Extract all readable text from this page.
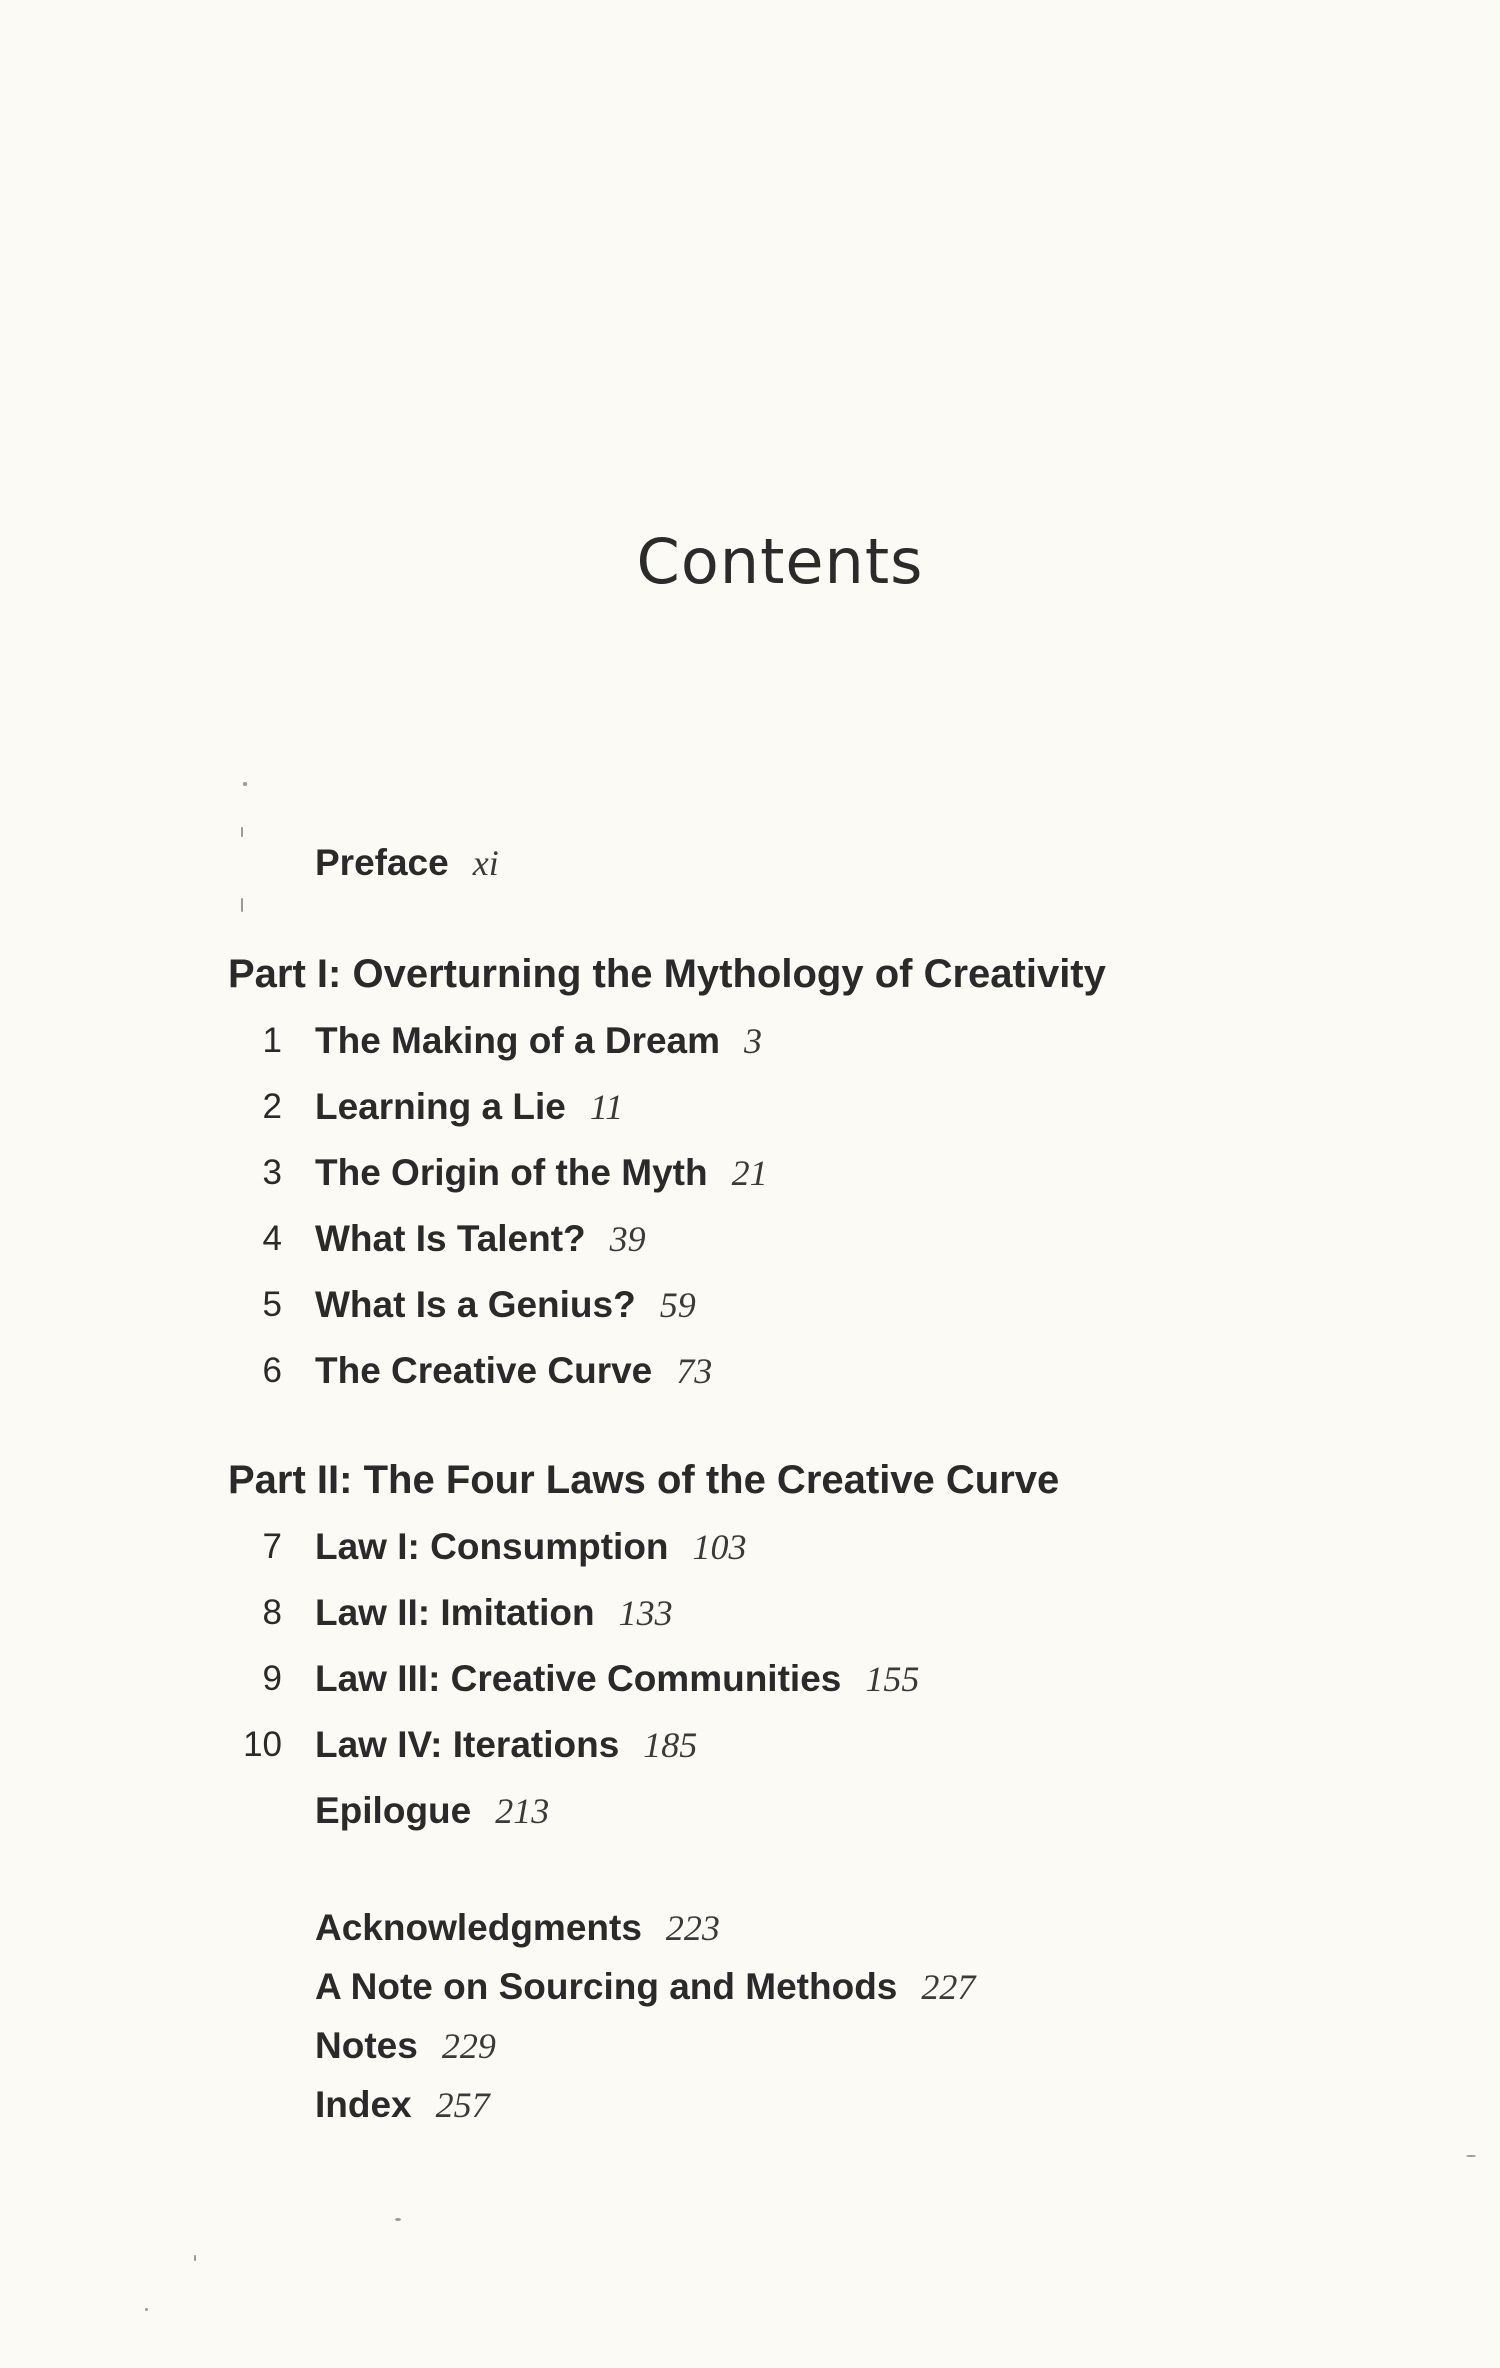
Contents
Preface xi
Part I: Overturning the Mythology of Creativity
1 The Making of a Dream 3
2 Learning a Lie 11
3 The Origin of the Myth 21
4 What Is Talent? 39
5 What Is a Genius? 59
6 The Creative Curve 73
Part II: The Four Laws of the Creative Curve
7 Law I: Consumption 103
8 Law II: Imitation 133
9 Law III: Creative Communities 155
10 Law IV: Iterations 185
Epilogue 213
Acknowledgments 223
A Note on Sourcing and Methods 227
Notes 229
Index 257
